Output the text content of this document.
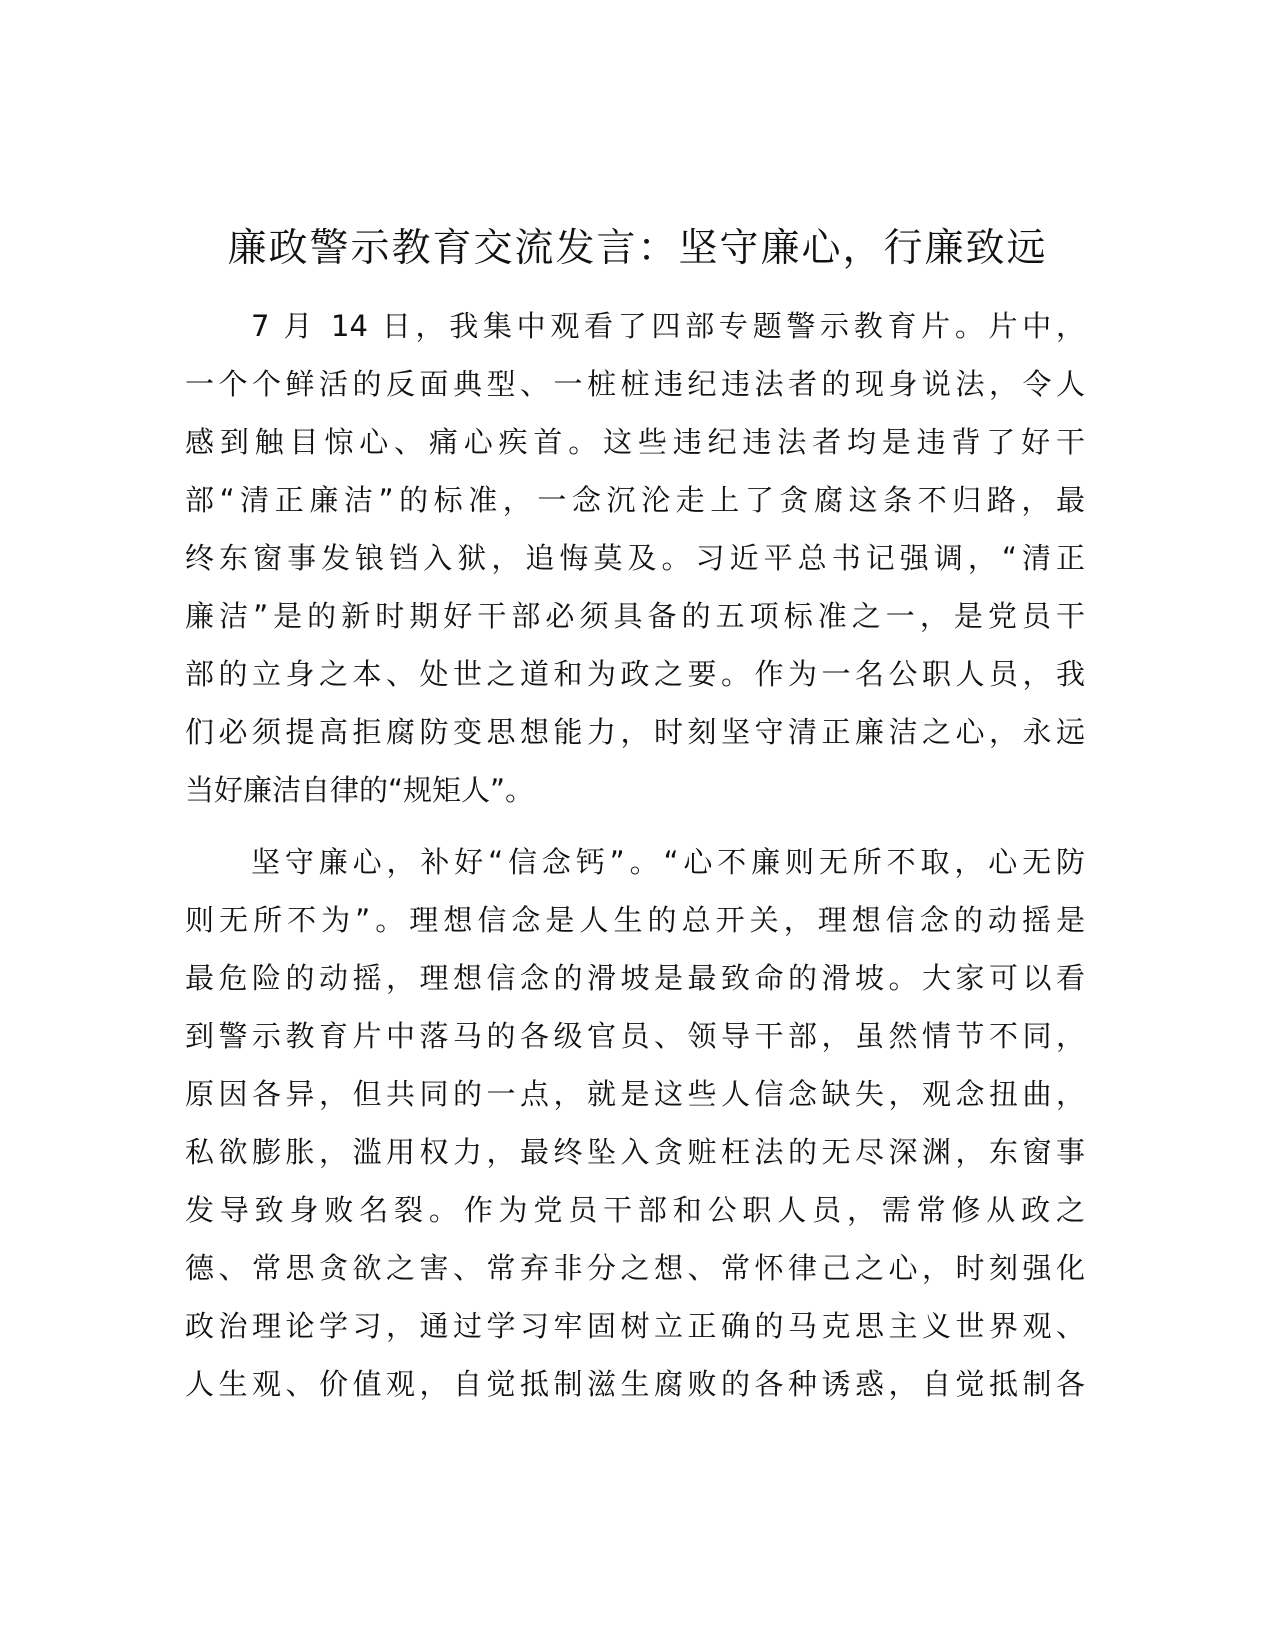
廉政警示教育交流发言：坚守廉心，行廉致远
7 月 14 日，我集中观看了四部专题警示教育片。片中，
一个个鲜活的反面典型、一桩桩违纪违法者的现身说法，令人
感到触目惊心、痛心疾首。这些违纪违法者均是违背了好干
部“清正廉洁”的标准，一念沉沦走上了贪腐这条不归路，最
终东窗事发锒铛入狱，追悔莫及。习近平总书记强调，“清正
廉洁”是的新时期好干部必须具备的五项标准之一，是党员干
部的立身之本、处世之道和为政之要。作为一名公职人员，我
们必须提高拒腐防变思想能力，时刻坚守清正廉洁之心，永远
当好廉洁自律的“规矩人”。
坚守廉心，补好“信念钙”。“心不廉则无所不取，心无防
则无所不为”。理想信念是人生的总开关，理想信念的动摇是
最危险的动摇，理想信念的滑坡是最致命的滑坡。大家可以看
到警示教育片中落马的各级官员、领导干部，虽然情节不同，
原因各异，但共同的一点，就是这些人信念缺失，观念扭曲，
私欲膨胀，滥用权力，最终坠入贪赃枉法的无尽深渊，东窗事
发导致身败名裂。作为党员干部和公职人员，需常修从政之
德、常思贪欲之害、常弃非分之想、常怀律己之心，时刻强化
政治理论学习，通过学习牢固树立正确的马克思主义世界观、
人生观、价值观，自觉抵制滋生腐败的各种诱惑，自觉抵制各
